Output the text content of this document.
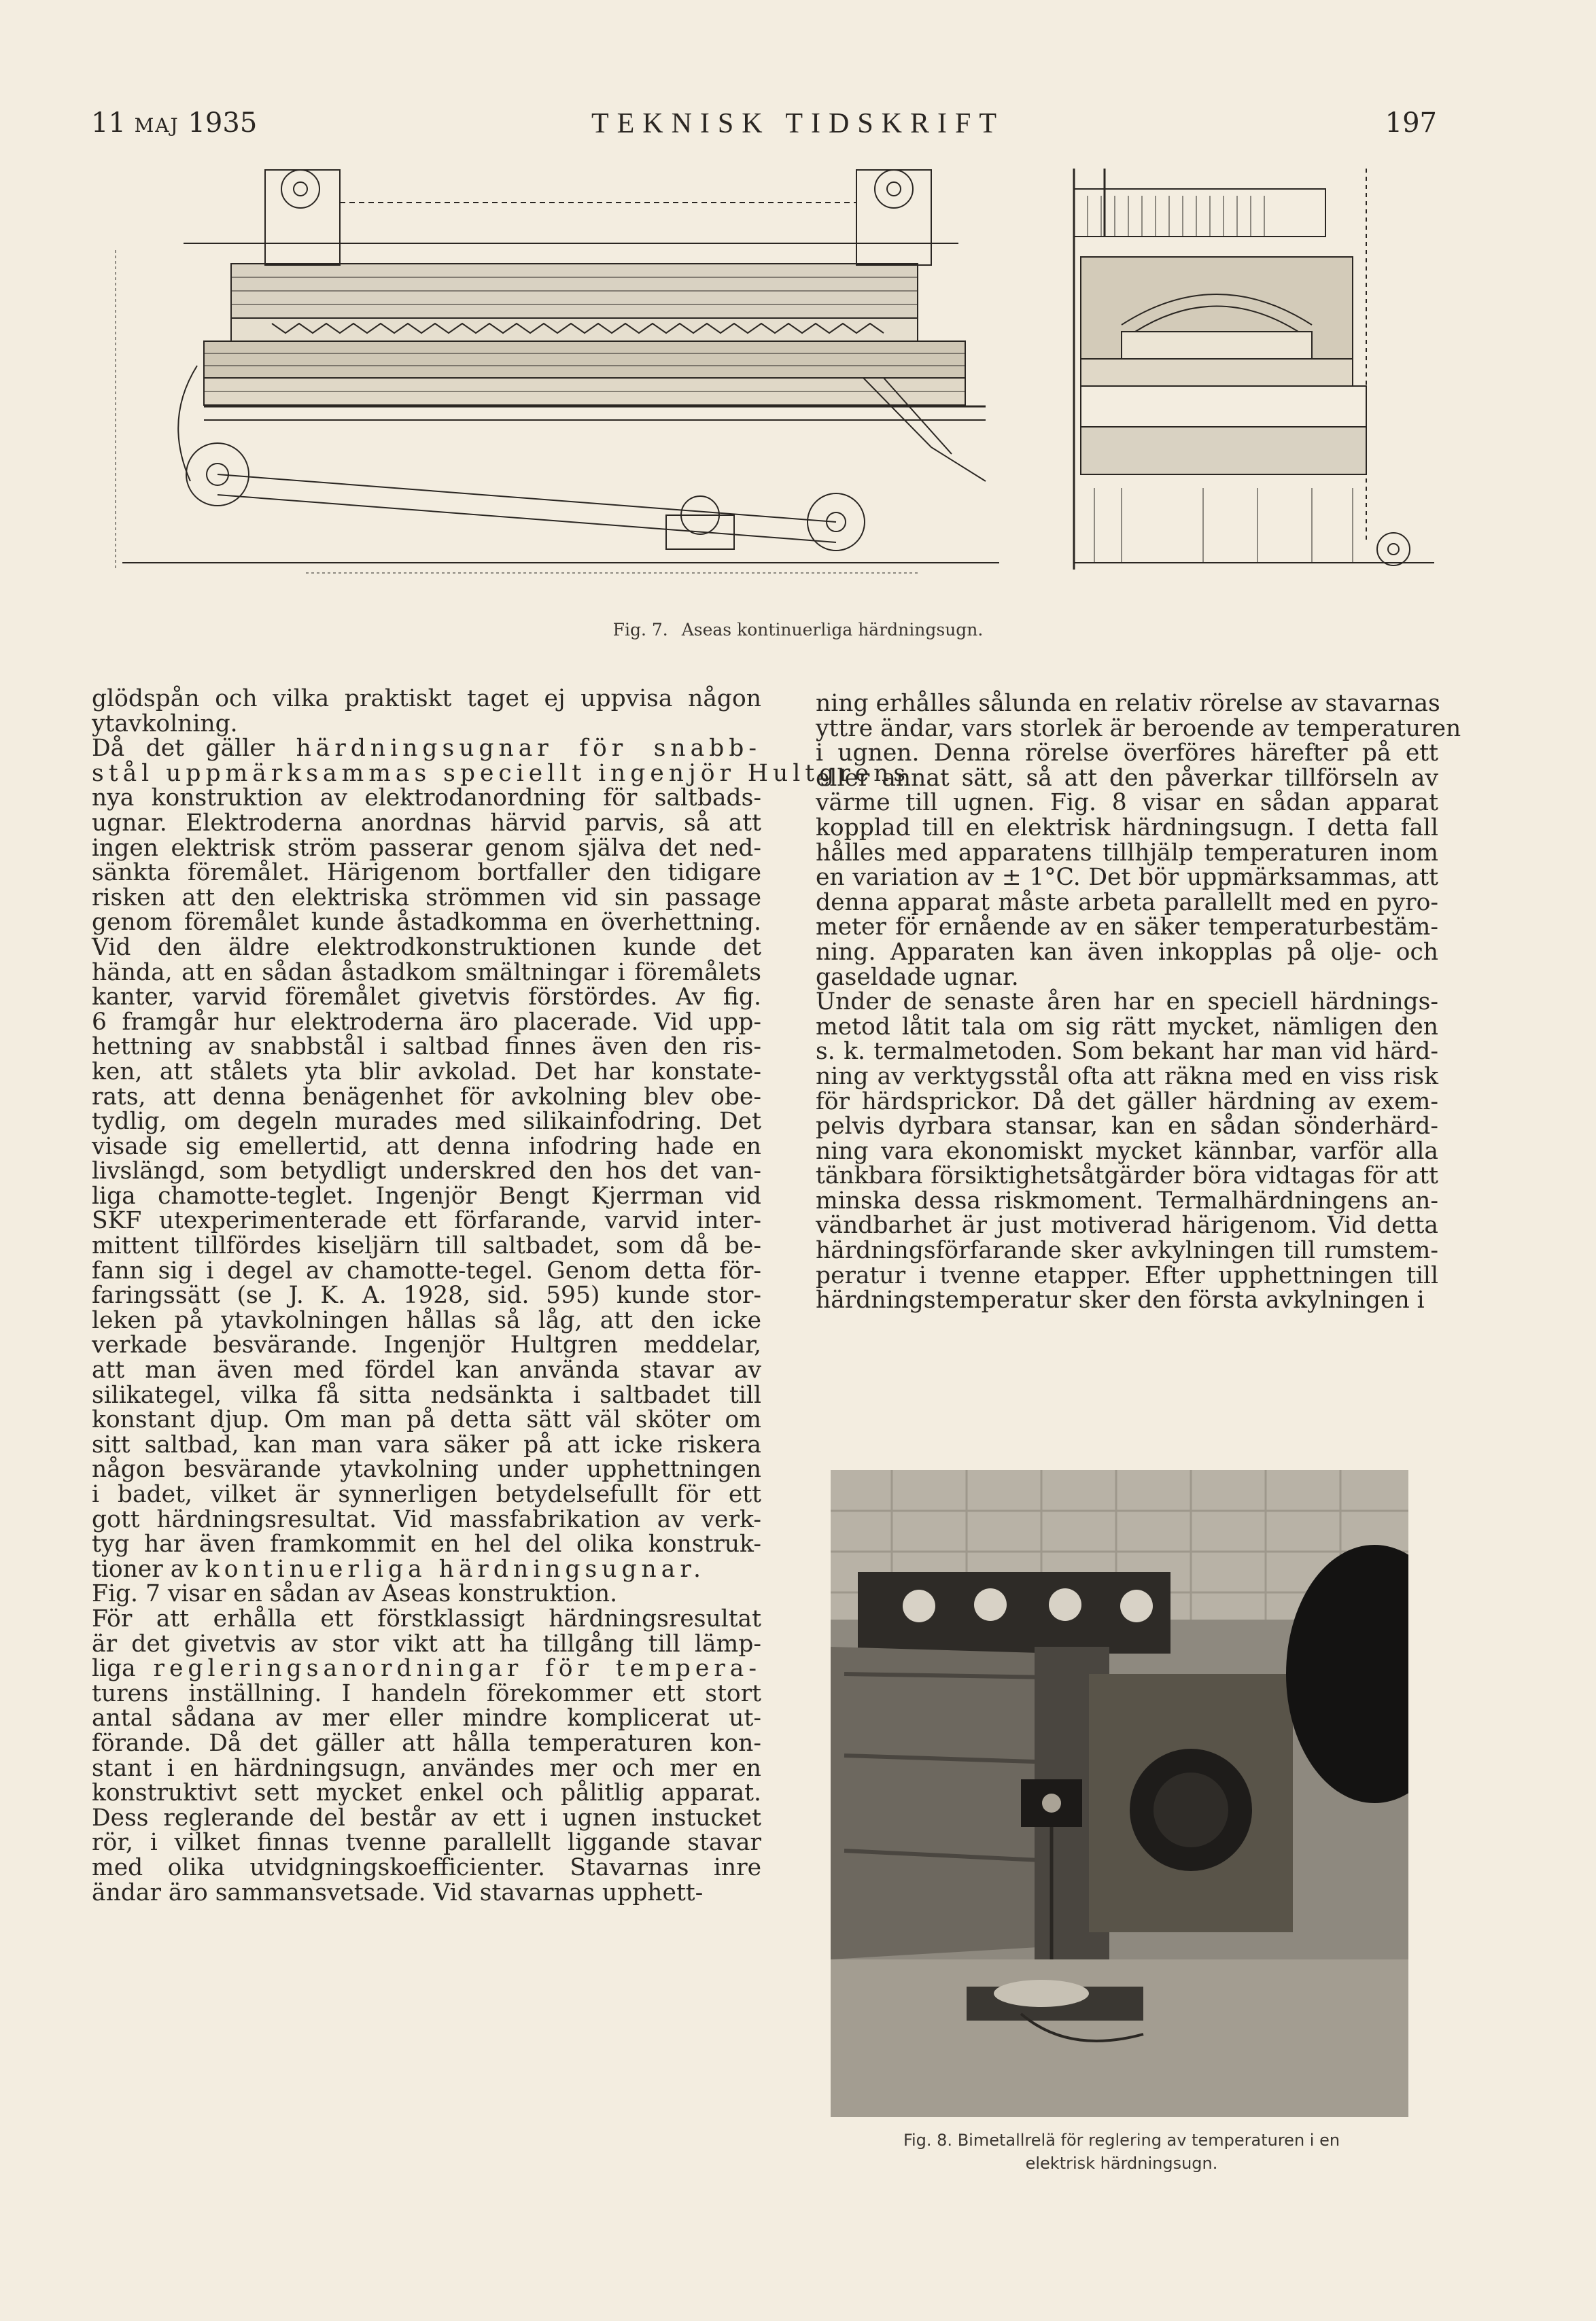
11 MAJ 1935	TEKNISK TIDSKRIFT	197
Fig. 7. Aseas kontinuerliga härdningsugn.
glödspån och vilka praktiskt taget ej uppvisa någon
ytavkolning.
Då det gäller härdningsugnar för snabb-
stål uppmärksammas speciellt ingenjör Hultgrens
nya konstruktion av elektrodanordning för saltbads-
ugnar. Elektroderna anordnas härvid parvis, så att
ingen elektrisk ström passerar genom själva det ned-
sänkta föremålet. Härigenom bortfaller den tidigare
risken att den elektriska strömmen vid sin passage
genom föremålet kunde åstadkomma en överhettning.
Vid den äldre elektrodkonstruktionen kunde det
hända, att en sådan åstadkom smältningar i föremålets
kanter, varvid föremålet givetvis förstördes. Av fig.
6 framgår hur elektroderna äro placerade. Vid upp-
hettning av snabbstål i saltbad finnes även den ris-
ken, att stålets yta blir avkolad. Det har konstate-
rats, att denna benägenhet för avkolning blev obe-
tydlig, om degeln murades med silikainfodring. Det
visade sig emellertid, att denna infodring hade en
livslängd, som betydligt underskred den hos det van-
liga chamotte-teglet. Ingenjör Bengt Kjerrman vid
SKF utexperimenterade ett förfarande, varvid inter-
mittent tillfördes kiseljärn till saltbadet, som då be-
fann sig i degel av chamotte-tegel. Genom detta för-
faringssätt (se J. K. A. 1928, sid. 595) kunde stor-
leken på ytavkolningen hållas så låg, att den icke
verkade besvärande. Ingenjör Hultgren meddelar,
att man även med fördel kan använda stavar av
silikategel, vilka få sitta nedsänkta i saltbadet till
konstant djup. Om man på detta sätt väl sköter om
sitt saltbad, kan man vara säker på att icke riskera
någon besvärande ytavkolning under upphettningen
i badet, vilket är synnerligen betydelsefullt för ett
gott härdningsresultat. Vid massfabrikation av verk-
tyg har även framkommit en hel del olika konstruk-
tioner av kontinuerliga härdningsugnar.
Fig. 7 visar en sådan av Aseas konstruktion.
För att erhålla ett förstklassigt härdningsresultat
är det givetvis av stor vikt att ha tillgång till lämp-
liga regleringsanordningar för tempera-
turens inställning. I handeln förekommer ett stort
antal sådana av mer eller mindre komplicerat ut-
förande. Då det gäller att hålla temperaturen kon-
stant i en härdningsugn, användes mer och mer en
konstruktivt sett mycket enkel och pålitlig apparat.
Dess reglerande del består av ett i ugnen instucket
rör, i vilket finnas tvenne parallellt liggande stavar
med olika utvidgningskoefficienter. Stavarnas inre
ändar äro sammansvetsade. Vid stavarnas upphett-
ning erhålles sålunda en relativ rörelse av stavarnas
yttre ändar, vars storlek är beroende av temperaturen
i ugnen. Denna rörelse överföres härefter på ett
eller annat sätt, så att den påverkar tillförseln av
värme till ugnen. Fig. 8 visar en sådan apparat
kopplad till en elektrisk härdningsugn. I detta fall
hålles med apparatens tillhjälp temperaturen inom
en variation av ± 1°C. Det bör uppmärksammas, att
denna apparat måste arbeta parallellt med en pyro-
meter för ernående av en säker temperaturbestäm-
ning. Apparaten kan även inkopplas på olje- och
gaseldade ugnar.
Under de senaste åren har en speciell härdnings-
metod låtit tala om sig rätt mycket, nämligen den
s. k. termalmetoden. Som bekant har man vid härd-
ning av verktygsstål ofta att räkna med en viss risk
för härdsprickor. Då det gäller härdning av exem-
pelvis dyrbara stansar, kan en sådan sönderhärd-
ning vara ekonomiskt mycket kännbar, varför alla
tänkbara försiktighetsåtgärder böra vidtagas för att
minska dessa riskmoment. Termalhärdningens an-
vändbarhet är just motiverad härigenom. Vid detta
härdningsförfarande sker avkylningen till rumstem-
peratur i tvenne etapper. Efter upphettningen till
härdningstemperatur sker den första avkylningen i
Fig. 8. Bimetallrelä för reglering av temperaturen i en
elektrisk härdningsugn.
